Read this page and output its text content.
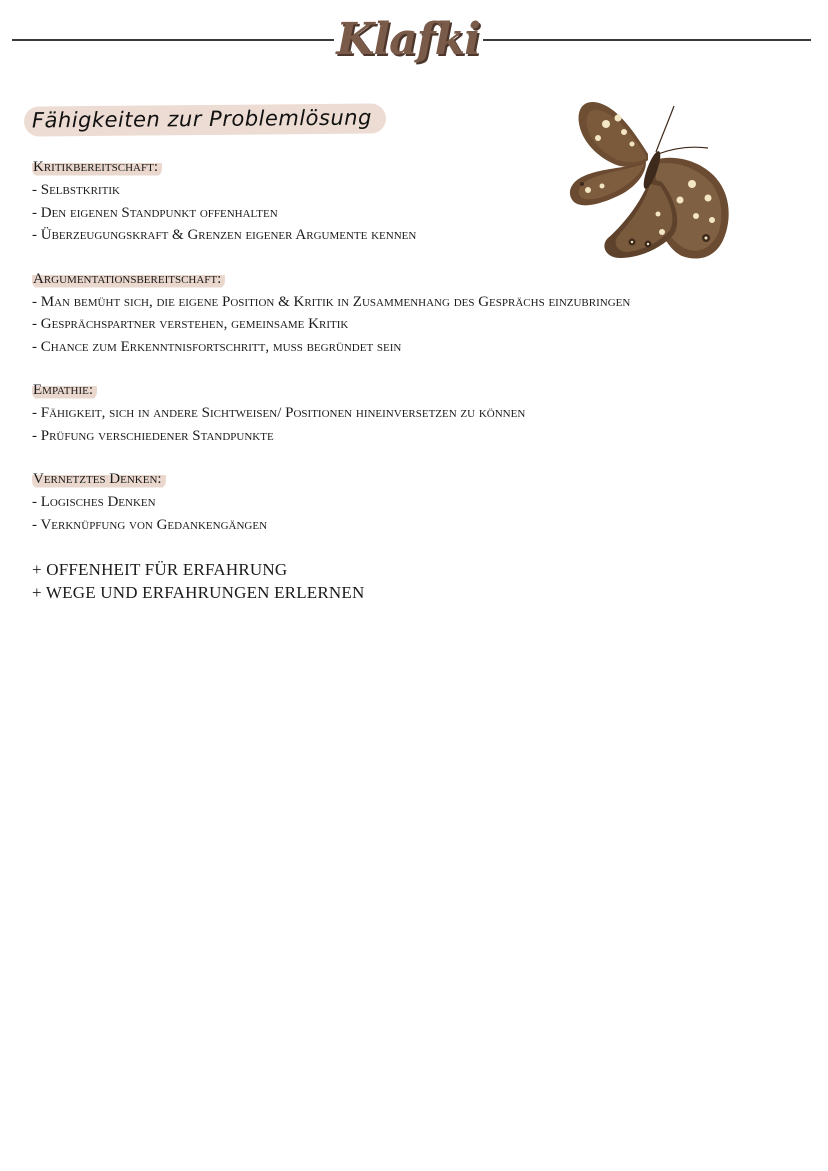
Klafki
Fähigkeiten zur Problemlösung
Kritikbereitschaft:
- Selbstkritik
- Den eigenen Standpunkt offenhalten
- Überzeugungskraft & Grenzen eigener Argumente kennen
Argumentationsbereitschaft:
- Man bemüht sich, die eigene Position & Kritik in Zusammenhang des Gesprächs einzubringen
- Gesprächspartner verstehen, gemeinsame Kritik
- Chance zum Erkenntnisfortschritt, muss begründet sein
Empathie:
- Fähigkeit, sich in andere Sichtweisen/ Positionen hineinversetzen zu können
- Prüfung verschiedener Standpunkte
Vernetztes Denken:
- Logisches Denken
- Verknüpfung von Gedankengängen
+ OFFENHEIT FÜR ERFAHRUNG
+ WEGE UND ERFAHRUNGEN ERLERNEN
